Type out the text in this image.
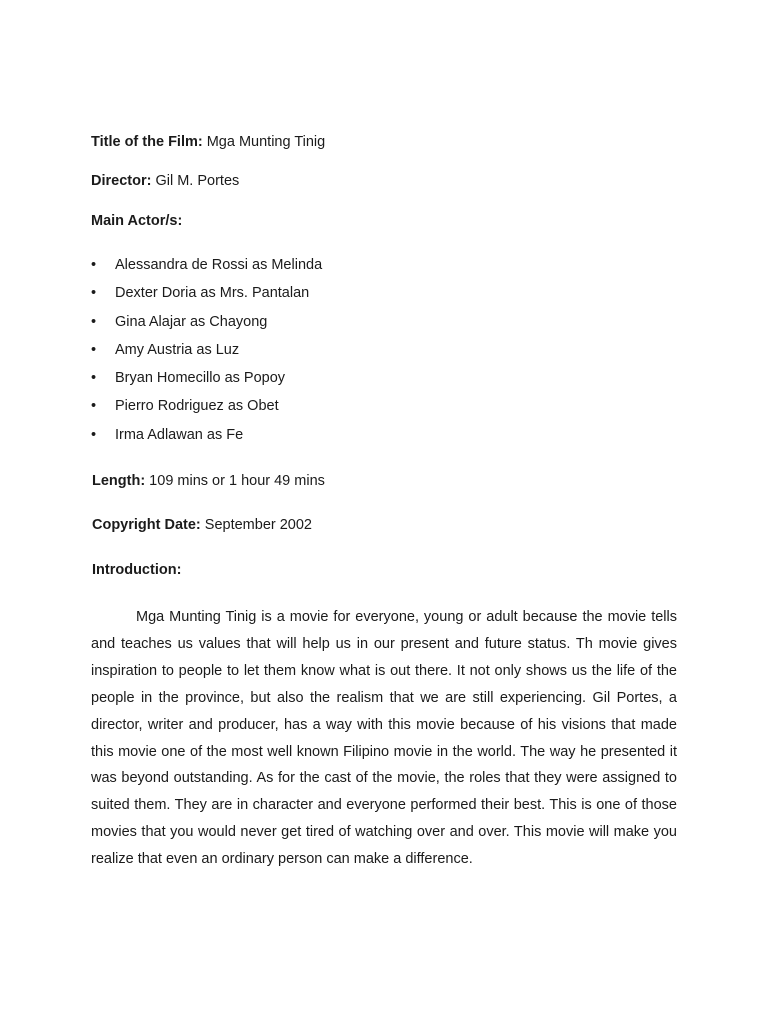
Title of the Film: Mga Munting Tinig
Director: Gil M. Portes
Main Actor/s:
• Alessandra de Rossi as Melinda
• Dexter Doria as Mrs. Pantalan
• Gina Alajar as Chayong
• Amy Austria as Luz
• Bryan Homecillo as Popoy
• Pierro Rodriguez as Obet
• Irma Adlawan as Fe
Length: 109 mins or 1 hour 49 mins
Copyright Date: September 2002
Introduction:

Mga Munting Tinig is a movie for everyone, young or adult because the movie tells and teaches us values that will help us in our present and future status. Th movie gives inspiration to people to let them know what is out there. It not only shows us the life of the people in the province, but also the realism that we are still experiencing. Gil Portes, a director, writer and producer, has a way with this movie because of his visions that made this movie one of the most well known Filipino movie in the world. The way he presented it was beyond outstanding. As for the cast of the movie, the roles that they were assigned to suited them. They are in character and everyone performed their best. This is one of those movies that you would never get tired of watching over and over. This movie will make you realize that even an ordinary person can make a difference.
